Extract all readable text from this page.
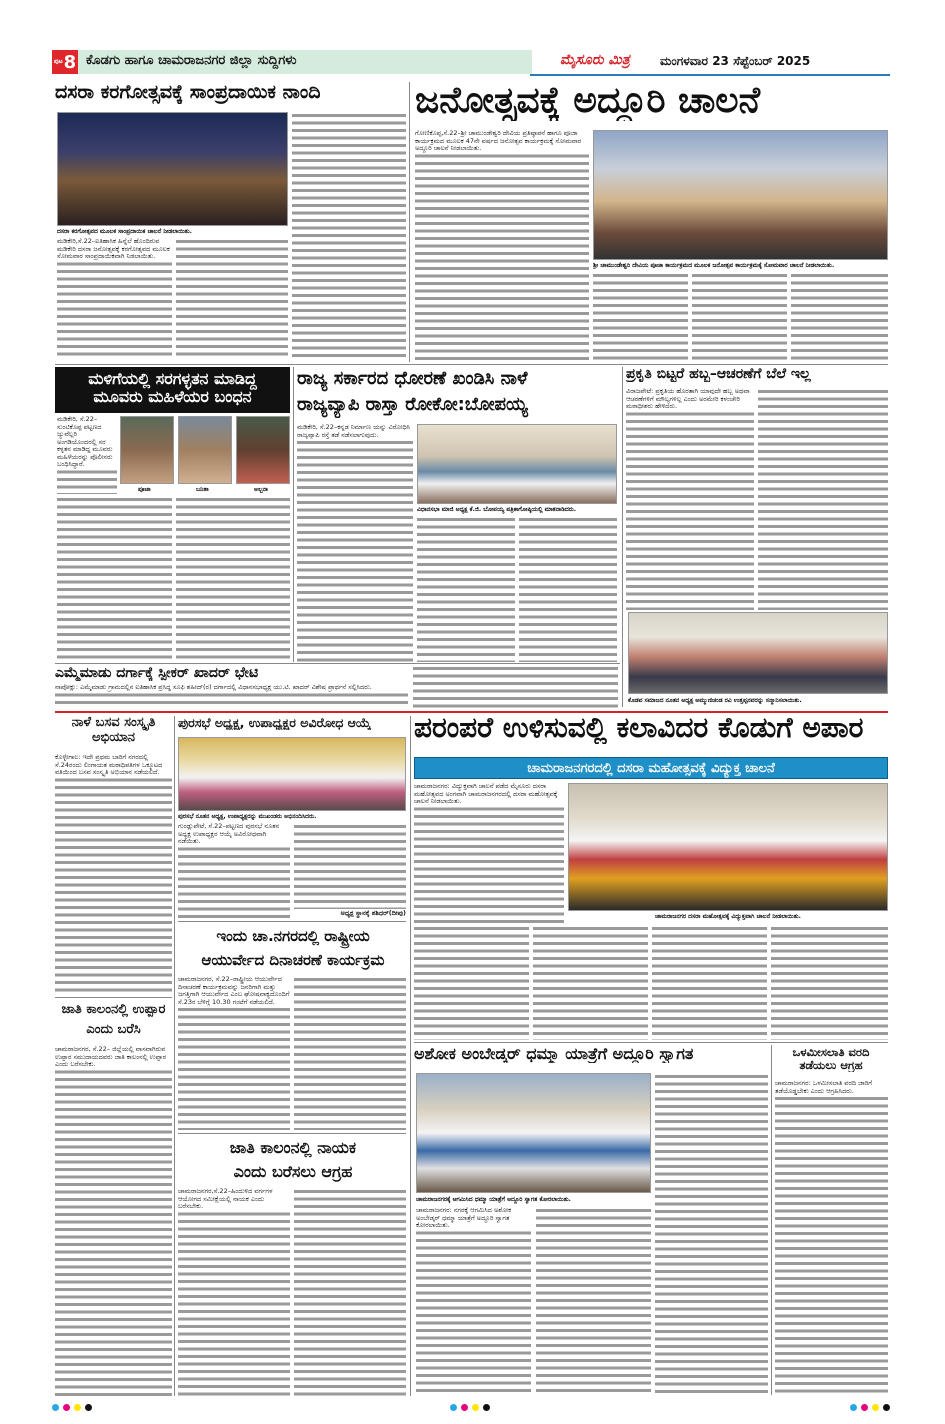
ಪುಟ 8 ಕೊಡಗು ಹಾಗೂ ಚಾಮರಾಜನಗರ ಜಿಲ್ಲಾ ಸುದ್ದಿಗಳು	ಮೈಸೂರು ಮಿತ್ರ	ಮಂಗಳವಾರ 23 ಸೆಪ್ಟೆಂಬರ್ 2025
ದಸರಾ ಕರಗೋತ್ಸವಕ್ಕೆ ಸಾಂಪ್ರದಾಯಿಕ ನಾಂದಿ
ದಸರಾ ಕರಗೋತ್ಸವದ ಮೂಲಕ ಸಾಂಪ್ರದಾಯಿಕ ಚಾಲನೆ ನೀಡಲಾಯಿತು.
ಮಡಿಕೇರಿ,ಸೆ.22–ಐತಿಹಾಸಿಕ ಹಿನ್ನೆಲೆ ಹೊಂದಿರುವ ಮಡಿಕೇರಿ ದಸರಾ ಜನೋತ್ಸವಕ್ಕೆ ಕರಗೋತ್ಸವದ ಮೂಲಕ ಸೋಮವಾರ ಸಾಂಪ್ರದಾಯಿಕವಾಗಿ ನಿಡಲಾಯಿತು.
ಜನೋತ್ಸವಕ್ಕೆ ಅದ್ದೂರಿ ಚಾಲನೆ
ಗೋಣಿಕೊಪ್ಪ,ಸೆ.22–ಶ್ರೀ ಚಾಮುಂಡೇಶ್ವರಿ ದೇವಿಯ ಪ್ರತಿಷ್ಠಾಪನೆ ಹಾಗೂ ಪೂಜಾ ಕಾರ್ಯಕ್ರಮದ ಮೂಲಕ 47ನೇ ವರ್ಷದ ಜನೋತ್ಸವ ಕಾರ್ಯಕ್ರಮಕ್ಕೆ ಸೋಮವಾರ ಅದ್ದೂರಿ ಚಾಲನೆ ನೀಡಲಾಯಿತು.
ಶ್ರೀ ಚಾಮುಂಡೇಶ್ವರಿ ದೇವಿಯ ಪೂಜಾ ಕಾರ್ಯಕ್ರಮದ ಮೂಲಕ ಜನೋತ್ಸವ ಕಾರ್ಯಕ್ರಮಕ್ಕೆ ಸೋಮವಾರ ಚಾಲನೆ ನೀಡಲಾಯಿತು.
ಮಳಿಗೆಯಲ್ಲಿ ಸರಗಳ್ಳತನ ಮಾಡಿದ್ದ
ಮೂವರು ಮಹಿಳೆಯರ ಬಂಧನ
ಮಡಿಕೇರಿ, ಸೆ.22– ಸುಂಟಿಕೊಪ್ಪ ಪಟ್ಟಣದ ಜ್ಯುವೆಲ್ಲರಿ ಅಂಗಡಿಯೊಂದರಲ್ಲಿ ಸರ ಕಳ್ಳತನ ಮಾಡಿದ್ದ ಮೂವರು ಮಹಿಳೆಯರನ್ನು ಪೊಲೀಸರು ಬಂಧಿಸಿದ್ದಾರೆ.
ಪೂಜಾ	ಬನಿತಾ	ಅಲ್ಬನಾ
ರಾಜ್ಯ ಸರ್ಕಾರದ ಧೋರಣೆ ಖಂಡಿಸಿ ನಾಳೆ
ರಾಜ್ಯವ್ಯಾಪಿ ರಾಸ್ತಾ ರೋಕೋ:ಬೋಪಯ್ಯ
ಮಡಿಕೇರಿ, ಸೆ.22–ಕನ್ನಡ ನಿರ್ಮಾಣ ಯನ್ನು ವಿರೋಧಿಸಿ ರಾಜ್ಯವ್ಯಾಪಿ ರಸ್ತೆ ತಡೆ ನಡೆಸಲಾಗುವುದು.
ವಿಧಾನಸಭಾ ಮಾಜಿ ಅಧ್ಯಕ್ಷ ಕೆ.ಜಿ. ಬೋಪಯ್ಯ ಪತ್ರಿಕಾಗೋಷ್ಠಿಯಲ್ಲಿ ಮಾತನಾಡಿದರು.
ಪ್ರಕೃತಿ ಬಿಟ್ಟರೆ ಹಬ್ಬ–ಆಚರಣೆಗೆ ಬೆಲೆ ಇಲ್ಲ
ವಿರಾಜಪೇಟೆ: ಪ್ರಕೃತಿಯ ಹೊರತಾಗಿ ಯಾವುದೇ ಹಬ್ಬ ಅಥವಾ ಆಚರಣೆಗಳಿಗೆ ಮೌಲ್ಯಗಳಿಲ್ಲ ಎಂದು ಅರಮೇರಿ ಕಳಂಚೇರಿ ಮಠಾಧೀಶರು ಹೇಳಿದರು.
ಕೊಡವ ಸಮಾಜದ ನೂತನ ಅಧ್ಯಕ್ಷ ಅಮ್ಮುಣಿಚಂಡ ರವಿ ಉತ್ತಪ್ಪನವರನ್ನು ಸನ್ಮಾನಿಸಲಾಯಿತು.
ಎಮ್ಮೆಮಾಡು ದರ್ಗಾಕ್ಕೆ ಸ್ಪೀಕರ್ ಖಾದರ್ ಭೇಟಿ
ನಾಪೋಕ್ಲು: ಎಮ್ಮೆಮಾಡು ಗ್ರಾಮದಲ್ಲಿನ ಐತಿಹಾಸಿಕ ಪ್ರಸಿದ್ಧ ಸೂಫಿ ಶಹೀದ್(ರ) ದರ್ಗಾದಲ್ಲಿ ವಿಧಾನಸಭಾಧ್ಯಕ್ಷ ಯು.ಟಿ. ಖಾದರ್ ವಿಶೇಷ ಪ್ರಾರ್ಥನೆ ಸಲ್ಲಿಸಿದರು.
ನಾಳೆ ಬಸವ ಸಂಸ್ಕೃತಿ ಅಭಿಯಾನ
ಕೊಳ್ಳೇಗಾಲ: ಇದೇ ಪ್ರಥಮ ಬಾರಿಗೆ ನಗರದಲ್ಲಿ ಸೆ.24ರಂದು ಲಿಂಗಾಯತ ಮಠಾಧಿಪತಿಗಳ ಒಕ್ಕೂಟದ ವತಿಯಿಂದ ಬಸವ ಸಂಸ್ಕೃತಿ ಅಭಿಯಾನ ನಡೆಯಲಿದೆ.
ಜಾತಿ ಕಾಲಂನಲ್ಲಿ ಉಪ್ಪಾರ ಎಂದು ಬರೆಸಿ
ಚಾಮರಾಜನಗರ, ಸೆ.22– ಜಿಲ್ಲೆಯಲ್ಲಿ ವಾಸವಾಗಿರುವ ಉಪ್ಪಾರ ಸಮುದಾಯದವರು ಜಾತಿ ಕಾಲಂನಲ್ಲಿ ಉಪ್ಪಾರ ಎಂದು ಬರೆಸಬೇಕು.
ಪುರಸಭೆ ಅಧ್ಯಕ್ಷ, ಉಪಾಧ್ಯಕ್ಷರ ಅವಿರೋಧ ಆಯ್ಕೆ
ಪುರಸಭೆ ನೂತನ ಅಧ್ಯಕ್ಷ, ಉಪಾಧ್ಯಕ್ಷರನ್ನು ಮುಖಂಡರು ಅಭಿನಂದಿಸಿದರು.
ಗುಂಡ್ಲುಪೇಟೆ, ಸೆ.22–ಪಟ್ಟಣದ ಪುರಸಭೆ ನೂತನ ಅಧ್ಯಕ್ಷ ಉಪಾಧ್ಯಕ್ಷರ ಆಯ್ಕೆ ಅವಿರೋಧವಾಗಿ ನಡೆಯಿತು.
ಅಧ್ಯಕ್ಷ ಸ್ಥಾನಕ್ಕೆ ಶಶಿಧರ್(ದೀಪು)
ಇಂದು ಚಾ.ನಗರದಲ್ಲಿ ರಾಷ್ಟ್ರೀಯ
ಆಯುರ್ವೇದ ದಿನಾಚರಣೆ ಕಾರ್ಯಕ್ರಮ
ಚಾಮರಾಜನಗರ, ಸೆ.22–ರಾಷ್ಟ್ರೀಯ ಆಯುರ್ವೇದ ದಿನಾಚರಣೆ ಕಾರ್ಯಕ್ರಮವನ್ನು ಜನರಿಗಾಗಿ ಮತ್ತು ಜಗತ್ತಿಗಾಗಿ ಆಯುರ್ವೇದ ಎಂಬ ಘೋಷವಾಕ್ಯದೊಂದಿಗೆ ಸೆ.23ರ ಬೆಳಿಗ್ಗೆ 10.30 ಗಂಟೆಗೆ ನಡೆಯಲಿದೆ.
ಜಾತಿ ಕಾಲಂನಲ್ಲಿ ನಾಯಕ
ಎಂದು ಬರೆಸಲು ಆಗ್ರಹ
ಚಾಮರಾಜನಗರ,ಸೆ.22–ಹಿಂದುಳಿದ ವರ್ಗಗಳ ಆಯೋಗದ ಸಮೀಕ್ಷೆಯಲ್ಲಿ ನಾಯಕ ಎಂದು ಬರೆಸಬೇಕು.
ಪರಂಪರೆ ಉಳಿಸುವಲ್ಲಿ ಕಲಾವಿದರ ಕೊಡುಗೆ ಅಪಾರ
ಚಾಮರಾಜನಗರದಲ್ಲಿ ದಸರಾ ಮಹೋತ್ಸವಕ್ಕೆ ವಿದ್ಯುಕ್ತ ಚಾಲನೆ
ಚಾಮರಾಜನಗರ: ವಿದ್ಯುಕ್ತವಾಗಿ ಚಾಲನೆ ಪಡೆದ ಮೈಸೂರು ದಸರಾ ಮಹೋತ್ಸವದ ಅಂಗವಾಗಿ ಚಾಮರಾಜನಗರದಲ್ಲಿ ದಸರಾ ಮಹೋತ್ಸವಕ್ಕೆ ಚಾಲನೆ ನೀಡಲಾಯಿತು.
ಚಾಮರಾಜನಗರ ದಸರಾ ಮಹೋತ್ಸವಕ್ಕೆ ವಿದ್ಯುಕ್ತವಾಗಿ ಚಾಲನೆ ನೀಡಲಾಯಿತು.
ಅಶೋಕ ಅಂಬೇಡ್ಕರ್ ಧಮ್ಮಾ ಯಾತ್ರೆಗೆ ಅದ್ದೂರಿ ಸ್ವಾಗತ
ಚಾಮರಾಜನಗರಕ್ಕೆ ಆಗಮಿಸಿದ ಧಮ್ಮಾ ಯಾತ್ರೆಗೆ ಅದ್ದೂರಿ ಸ್ವಾಗತ ಕೋರಲಾಯಿತು.
ಚಾಮರಾಜನಗರ: ನಗರಕ್ಕೆ ಆಗಮಿಸಿದ ಅಶೋಕ ಅಂಬೇಡ್ಕರ್ ಧಮ್ಮಾ ಯಾತ್ರೆಗೆ ಅದ್ದೂರಿ ಸ್ವಾಗತ ಕೋರಲಾಯಿತು.
ಒಳಮೀಸಲಾತಿ ವರದಿ ತಡೆಯಲು ಆಗ್ರಹ
ಚಾಮರಾಜನಗರ: ಒಳಮೀಸಲಾತಿ ವರದಿ ಜಾರಿಗೆ ತಡೆಯೊಡ್ಡಬೇಕು ಎಂದು ಆಗ್ರಹಿಸಿದರು.
